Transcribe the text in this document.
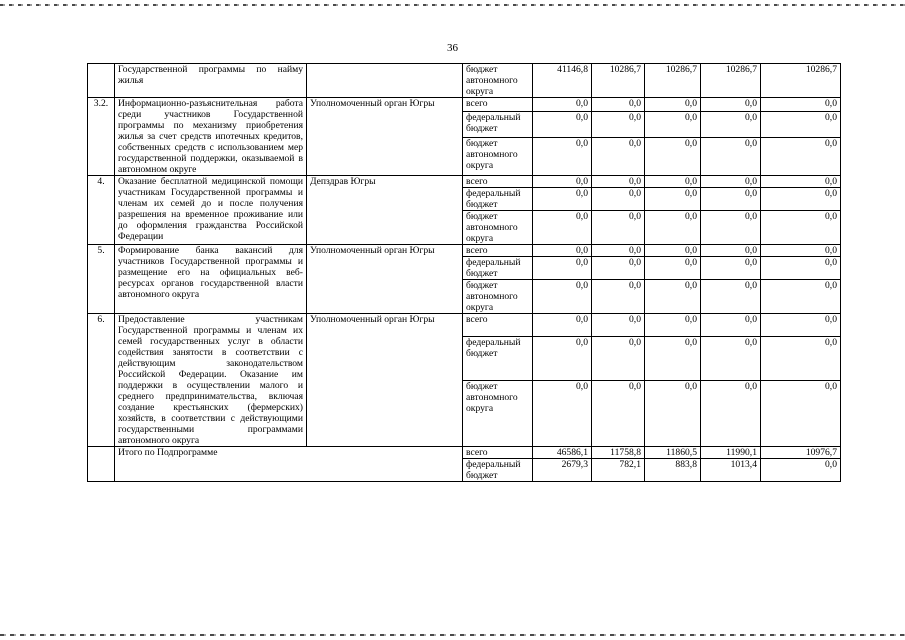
36
	Государственной программы по найму жилья		бюджет автономного округа	41146,8	10286,7	10286,7	10286,7	10286,7
3.2.	Информационно-разъяснительная работа среди участников Государственной программы по механизму приобретения жилья за счет средств ипотечных кредитов, собственных средств с использованием мер государственной поддержки, оказываемой в автономном округе	Уполномоченный орган Югры	всего	0,0	0,0	0,0	0,0	0,0
			федеральный бюджет	0,0	0,0	0,0	0,0	0,0
			бюджет автономного округа	0,0	0,0	0,0	0,0	0,0
4.	Оказание бесплатной медицинской помощи участникам Государственной программы и членам их семей до и после получения разрешения на временное проживание или до оформления гражданства Российской Федерации	Депздрав Югры	всего	0,0	0,0	0,0	0,0	0,0
			федеральный бюджет	0,0	0,0	0,0	0,0	0,0
			бюджет автономного округа	0,0	0,0	0,0	0,0	0,0
5.	Формирование банка вакансий для участников Государственной программы и размещение его на официальных веб-ресурсах органов государственной власти автономного округа	Уполномоченный орган Югры	всего	0,0	0,0	0,0	0,0	0,0
			федеральный бюджет	0,0	0,0	0,0	0,0	0,0
			бюджет автономного округа	0,0	0,0	0,0	0,0	0,0
6.	Предоставление участникам Государственной программы и членам их семей государственных услуг в области содействия занятости в соответствии с действующим законодательством Российской Федерации. Оказание им поддержки в осуществлении малого и среднего предпринимательства, включая создание крестьянских (фермерских) хозяйств, в соответствии с действующими государственными программами автономного округа	Уполномоченный орган Югры	всего	0,0	0,0	0,0	0,0	0,0
			федеральный бюджет	0,0	0,0	0,0	0,0	0,0
			бюджет автономного округа	0,0	0,0	0,0	0,0	0,0
	Итого по Подпрограмме		всего	46586,1	11758,8	11860,5	11990,1	10976,7
			федеральный бюджет	2679,3	782,1	883,8	1013,4	0,0
